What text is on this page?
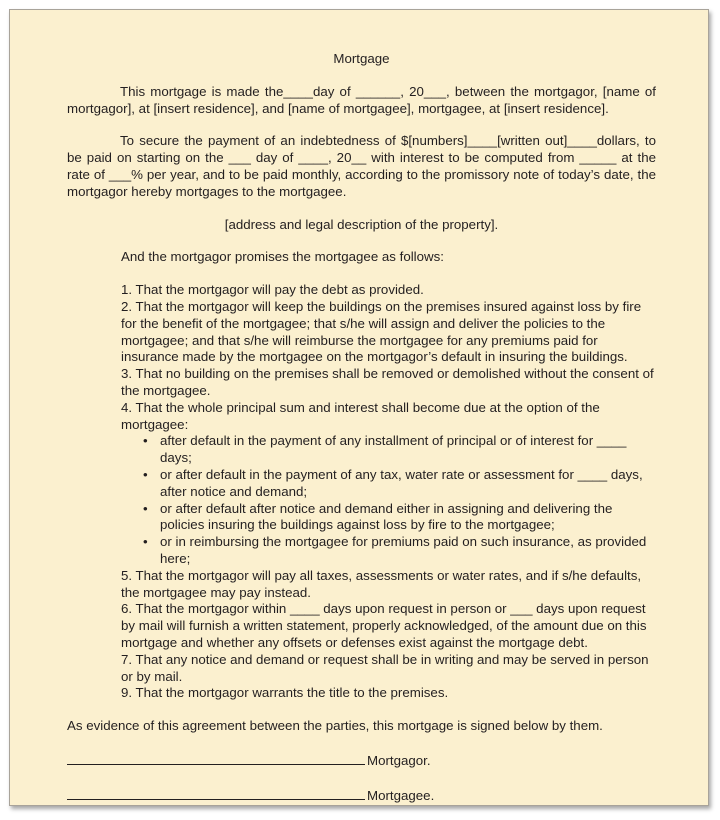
Mortgage
This mortgage is made the____day of ______, 20___, between the mortgagor, [name of mortgagor], at [insert residence], and [name of mortgagee], mortgagee, at [insert residence].
To secure the payment of an indebtedness of $[numbers]____[written out]____dollars, to be paid on starting on the ___ day of ____, 20__ with interest to be computed from _____ at the rate of ___% per year, and to be paid monthly, according to the promissory note of today’s date, the mortgagor hereby mortgages to the mortgagee.
[address and legal description of the property].
And the mortgagor promises the mortgagee as follows:
1. That the mortgagor will pay the debt as provided.
2. That the mortgagor will keep the buildings on the premises insured against loss by fire for the benefit of the mortgagee; that s/he will assign and deliver the policies to the mortgagee; and that s/he will reimburse the mortgagee for any premiums paid for insurance made by the mortgagee on the mortgagor’s default in insuring the buildings.
3. That no building on the premises shall be removed or demolished without the consent of the mortgagee.
4. That the whole principal sum and interest shall become due at the option of the mortgagee:
• after default in the payment of any installment of principal or of interest for ____ days;
• or after default in the payment of any tax, water rate or assessment for ____ days, after notice and demand;
• or after default after notice and demand either in assigning and delivering the policies insuring the buildings against loss by fire to the mortgagee;
• or in reimbursing the mortgagee for premiums paid on such insurance, as provided here;
5. That the mortgagor will pay all taxes, assessments or water rates, and if s/he defaults, the mortgagee may pay instead.
6. That the mortgagor within ____ days upon request in person or ___ days upon request by mail will furnish a written statement, properly acknowledged, of the amount due on this mortgage and whether any offsets or defenses exist against the mortgage debt.
7. That any notice and demand or request shall be in writing and may be served in person or by mail.
9. That the mortgagor warrants the title to the premises.
As evidence of this agreement between the parties, this mortgage is signed below by them.
Mortgagor.
Mortgagee.
